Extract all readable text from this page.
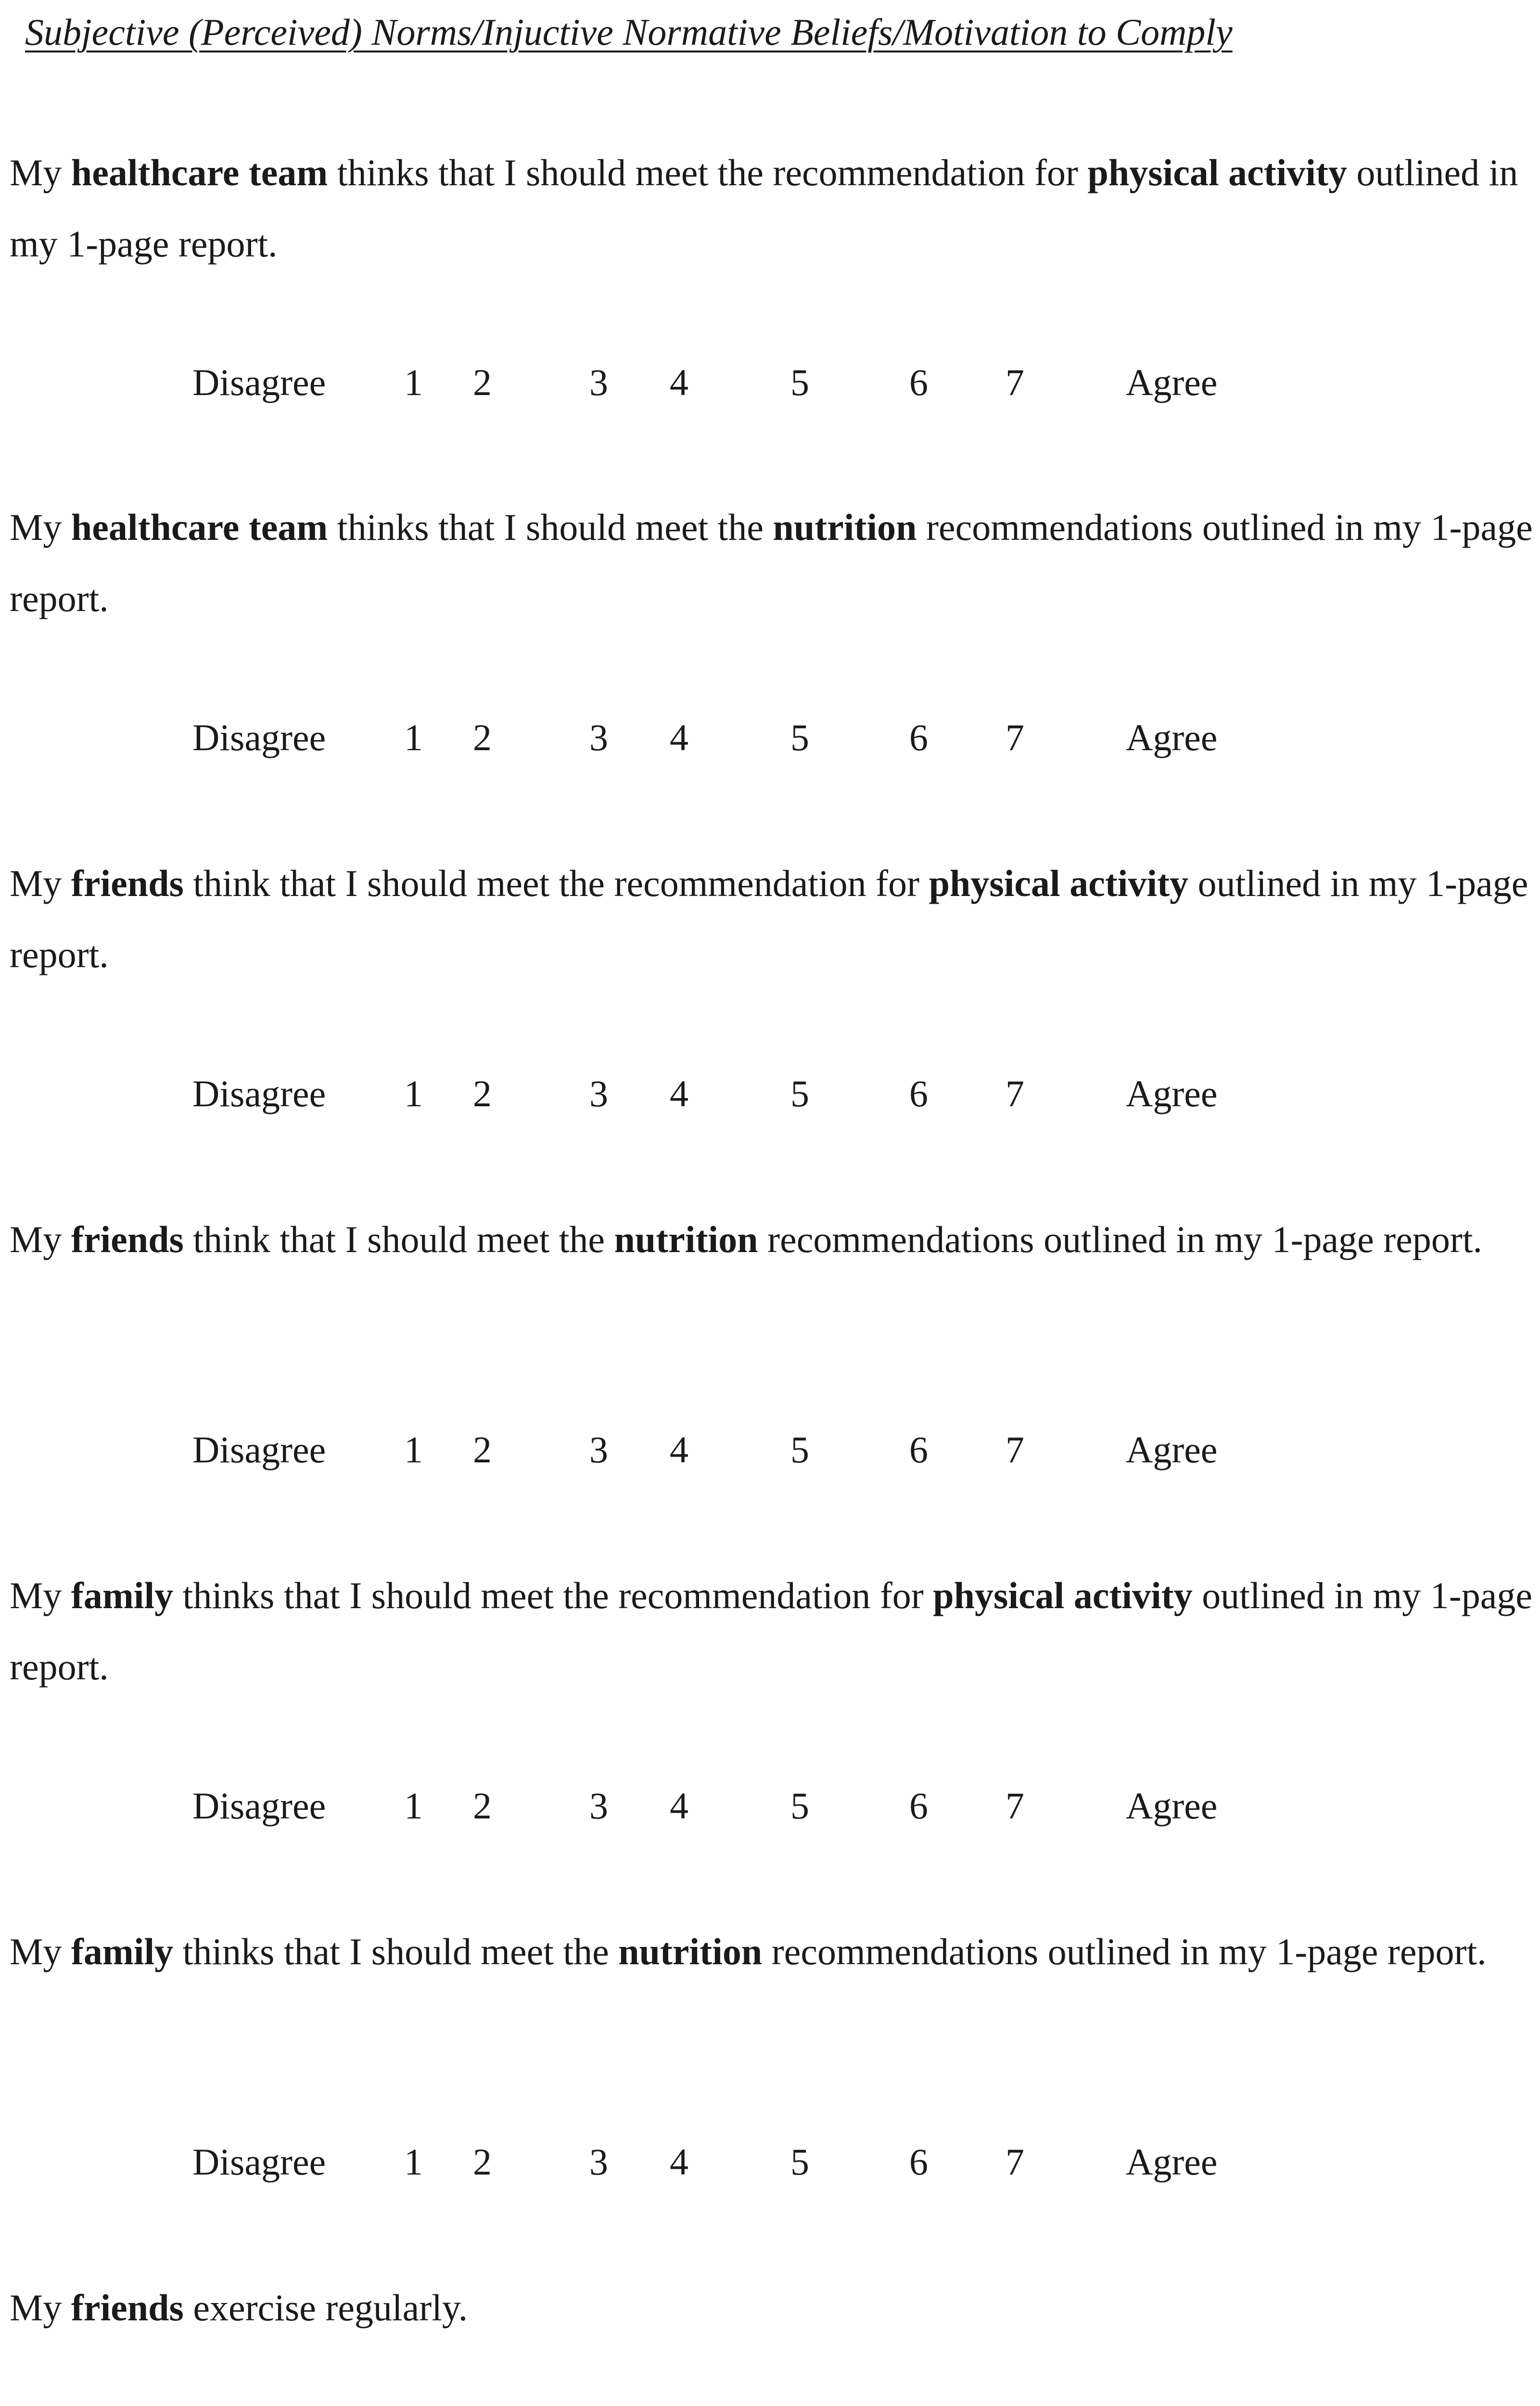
Subjective (Perceived) Norms/Injuctive Normative Beliefs/Motivation to Comply

My healthcare team thinks that I should meet the recommendation for physical activity outlined in my 1-page report.

Disagree 1 2	3 4	5	6 7	Agree

My healthcare team thinks that I should meet the nutrition recommendations outlined in my 1-page report.

Disagree 1 2	3 4	5	6 7	Agree

My friends think that I should meet the recommendation for physical activity outlined in my 1-page report.

Disagree 1 2	3 4	5	6 7	Agree

My friends think that I should meet the nutrition recommendations outlined in my 1-page report.

Disagree 1 2	3 4	5	6 7	Agree

My family thinks that I should meet the recommendation for physical activity outlined in my 1-page report.

Disagree 1 2	3 4	5	6 7	Agree

My family thinks that I should meet the nutrition recommendations outlined in my 1-page report.

Disagree 1 2	3 4	5	6 7	Agree

My friends exercise regularly.
